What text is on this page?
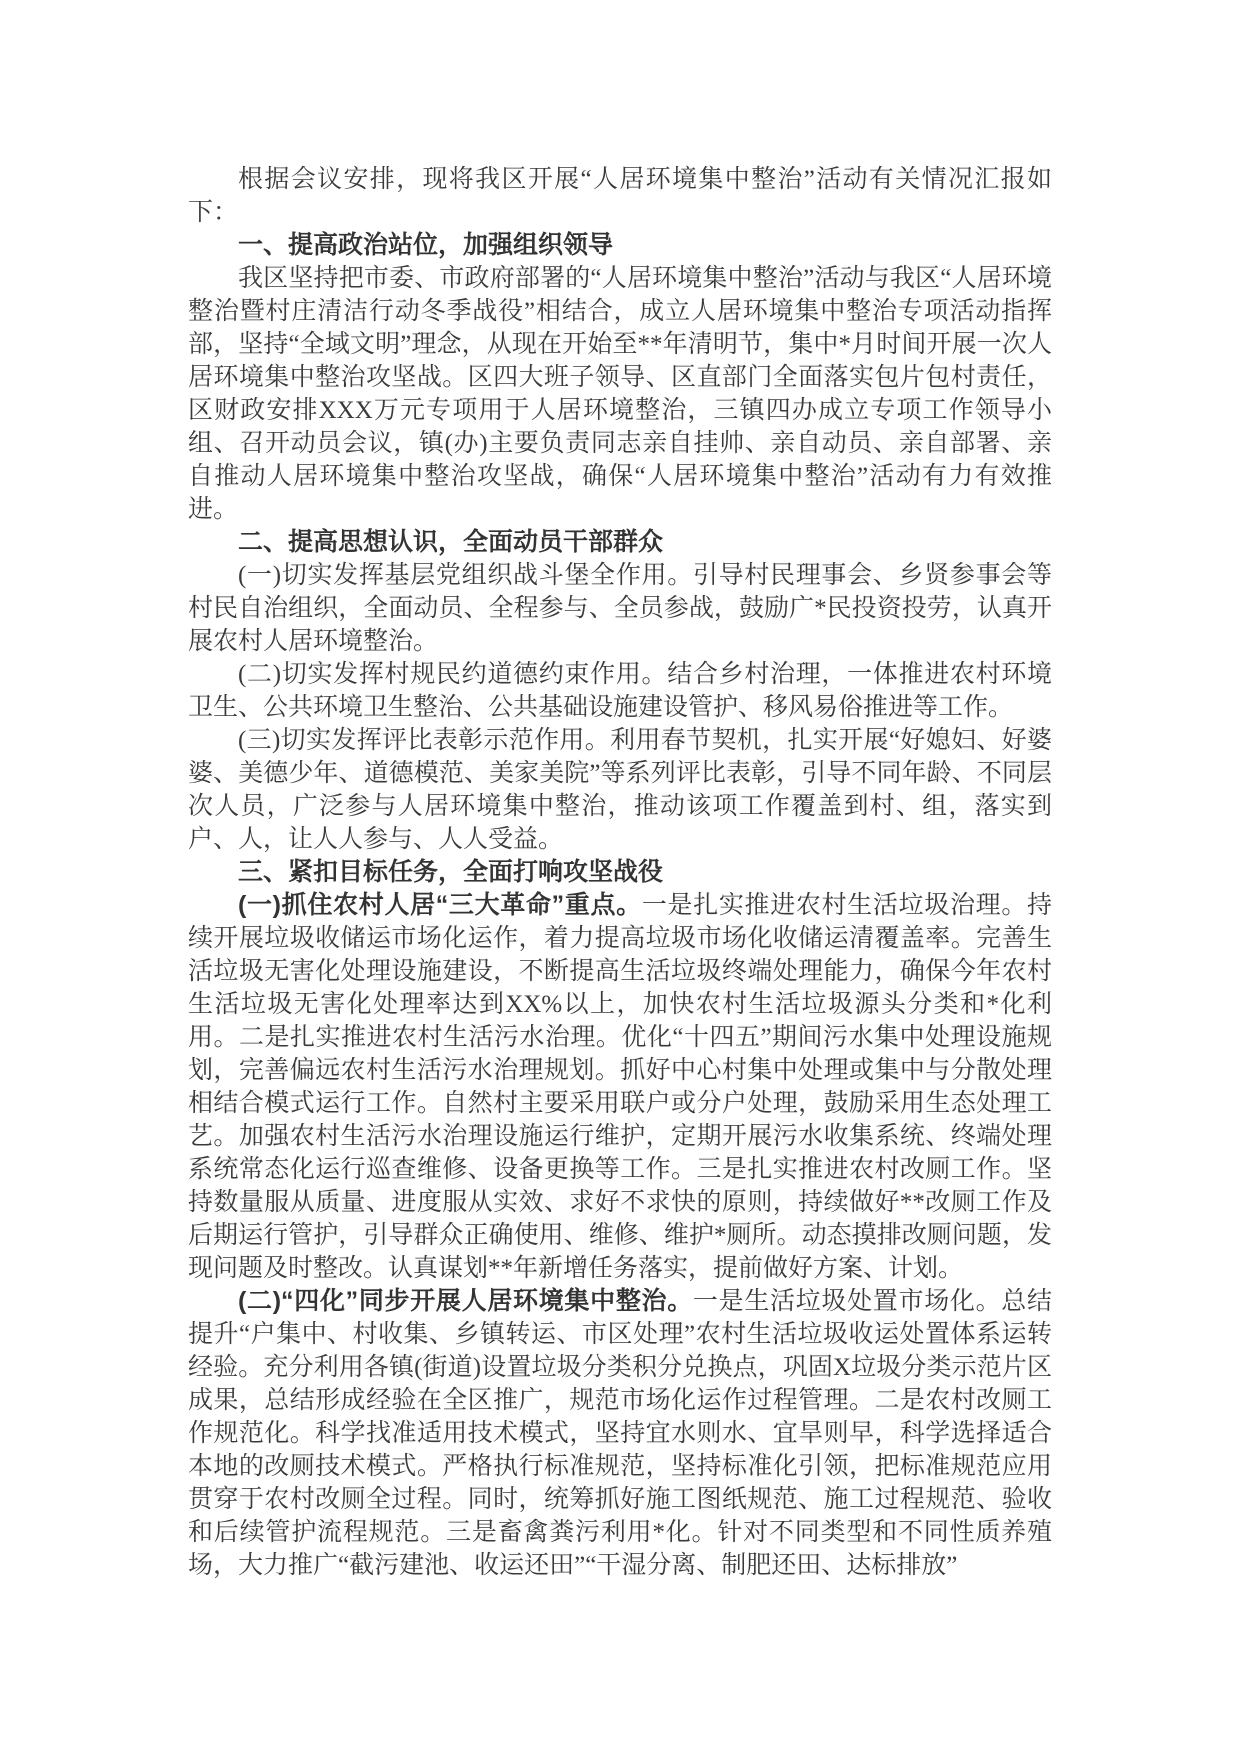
根据会议安排，现将我区开展“人居环境集中整治”活动有关情况汇报如下：

一、提高政治站位，加强组织领导

我区坚持把市委、市政府部署的“人居环境集中整治”活动与我区“人居环境整治暨村庄清洁行动冬季战役”相结合，成立人居环境集中整治专项活动指挥部，坚持“全域文明”理念，从现在开始至**年清明节，集中*月时间开展一次人居环境集中整治攻坚战。区四大班子领导、区直部门全面落实包片包村责任，区财政安排XXX万元专项用于人居环境整治，三镇四办成立专项工作领导小组、召开动员会议，镇(办)主要负责同志亲自挂帅、亲自动员、亲自部署、亲自推动人居环境集中整治攻坚战，确保“人居环境集中整治”活动有力有效推进。

二、提高思想认识，全面动员干部群众

(一)切实发挥基层党组织战斗堡全作用。引导村民理事会、乡贤参事会等村民自治组织，全面动员、全程参与、全员参战，鼓励广*民投资投劳，认真开展农村人居环境整治。

(二)切实发挥村规民约道德约束作用。结合乡村治理，一体推进农村环境卫生、公共环境卫生整治、公共基础设施建设管护、移风易俗推进等工作。

(三)切实发挥评比表彰示范作用。利用春节契机，扎实开展“好媳妇、好婆婆、美德少年、道德模范、美家美院”等系列评比表彰，引导不同年龄、不同层次人员，广泛参与人居环境集中整治，推动该项工作覆盖到村、组，落实到户、人，让人人参与、人人受益。

三、紧扣目标任务，全面打响攻坚战役

(一)抓住农村人居“三大革命”重点。一是扎实推进农村生活垃圾治理。持续开展垃圾收储运市场化运作，着力提高垃圾市场化收储运清覆盖率。完善生活垃圾无害化处理设施建设，不断提高生活垃圾终端处理能力，确保今年农村生活垃圾无害化处理率达到XX%以上，加快农村生活垃圾源头分类和*化利用。二是扎实推进农村生活污水治理。优化“十四五”期间污水集中处理设施规划，完善偏远农村生活污水治理规划。抓好中心村集中处理或集中与分散处理相结合模式运行工作。自然村主要采用联户或分户处理，鼓励采用生态处理工艺。加强农村生活污水治理设施运行维护，定期开展污水收集系统、终端处理系统常态化运行巡查维修、设备更换等工作。三是扎实推进农村改厕工作。坚持数量服从质量、进度服从实效、求好不求快的原则，持续做好**改厕工作及后期运行管护，引导群众正确使用、维修、维护*厕所。动态摸排改厕问题，发现问题及时整改。认真谋划**年新增任务落实，提前做好方案、计划。

(二)“四化”同步开展人居环境集中整治。一是生活垃圾处置市场化。总结提升“户集中、村收集、乡镇转运、市区处理”农村生活垃圾收运处置体系运转经验。充分利用各镇(街道)设置垃圾分类积分兑换点，巩固X垃圾分类示范片区成果，总结形成经验在全区推广，规范市场化运作过程管理。二是农村改厕工作规范化。科学找准适用技术模式，坚持宜水则水、宜旱则早，科学选择适合本地的改厕技术模式。严格执行标准规范，坚持标准化引领，把标准规范应用贯穿于农村改厕全过程。同时，统筹抓好施工图纸规范、施工过程规范、验收和后续管护流程规范。三是畜禽粪污利用*化。针对不同类型和不同性质养殖场，大力推广“截污建池、收运还田”“干湿分离、制肥还田、达标排放”
